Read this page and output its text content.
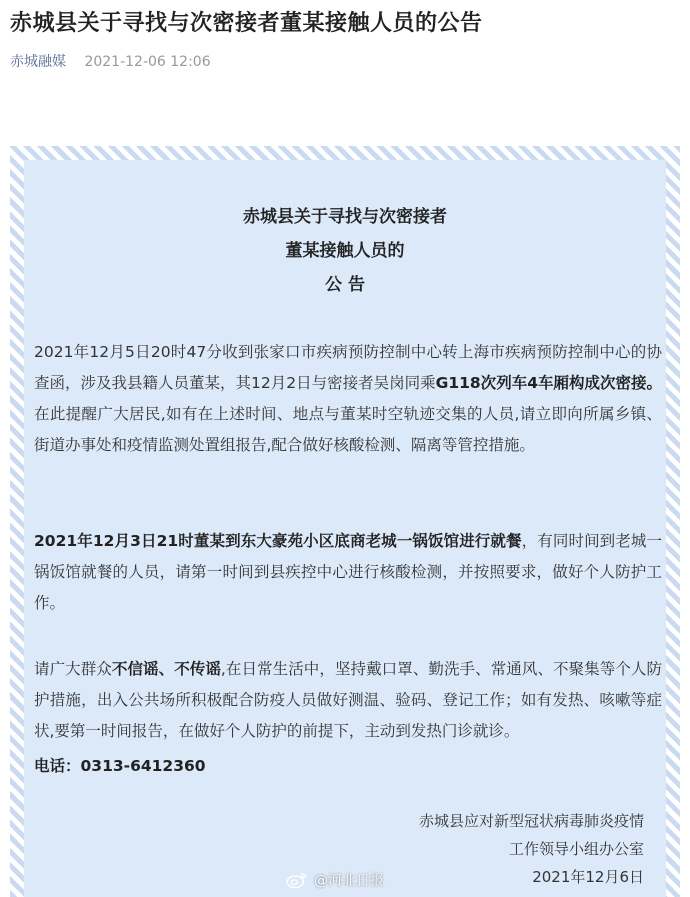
赤城县关于寻找与次密接者董某接触人员的公告
赤城融媒 2021-12-06 12:06
赤城县关于寻找与次密接者
董某接触人员的
公 告
2021年12月5日20时47分收到张家口市疾病预防控制中心转上海市疾病预防控制中心的协查函，涉及我县籍人员董某，其12月2日与密接者吴岗同乘G118次列车4车厢构成次密接。在此提醒广大居民,如有在上述时间、地点与董某时空轨迹交集的人员,请立即向所属乡镇、街道办事处和疫情监测处置组报告,配合做好核酸检测、隔离等管控措施。
2021年12月3日21时董某到东大豪苑小区底商老城一锅饭馆进行就餐，有同时间到老城一锅饭馆就餐的人员，请第一时间到县疾控中心进行核酸检测，并按照要求，做好个人防护工作。
请广大群众不信谣、不传谣,在日常生活中，坚持戴口罩、勤洗手、常通风、不聚集等个人防护措施，出入公共场所积极配合防疫人员做好测温、验码、登记工作；如有发热、咳嗽等症状,要第一时间报告，在做好个人防护的前提下，主动到发热门诊就诊。
电话：0313-6412360
赤城县应对新型冠状病毒肺炎疫情
工作领导小组办公室
2021年12月6日
@河北日报
